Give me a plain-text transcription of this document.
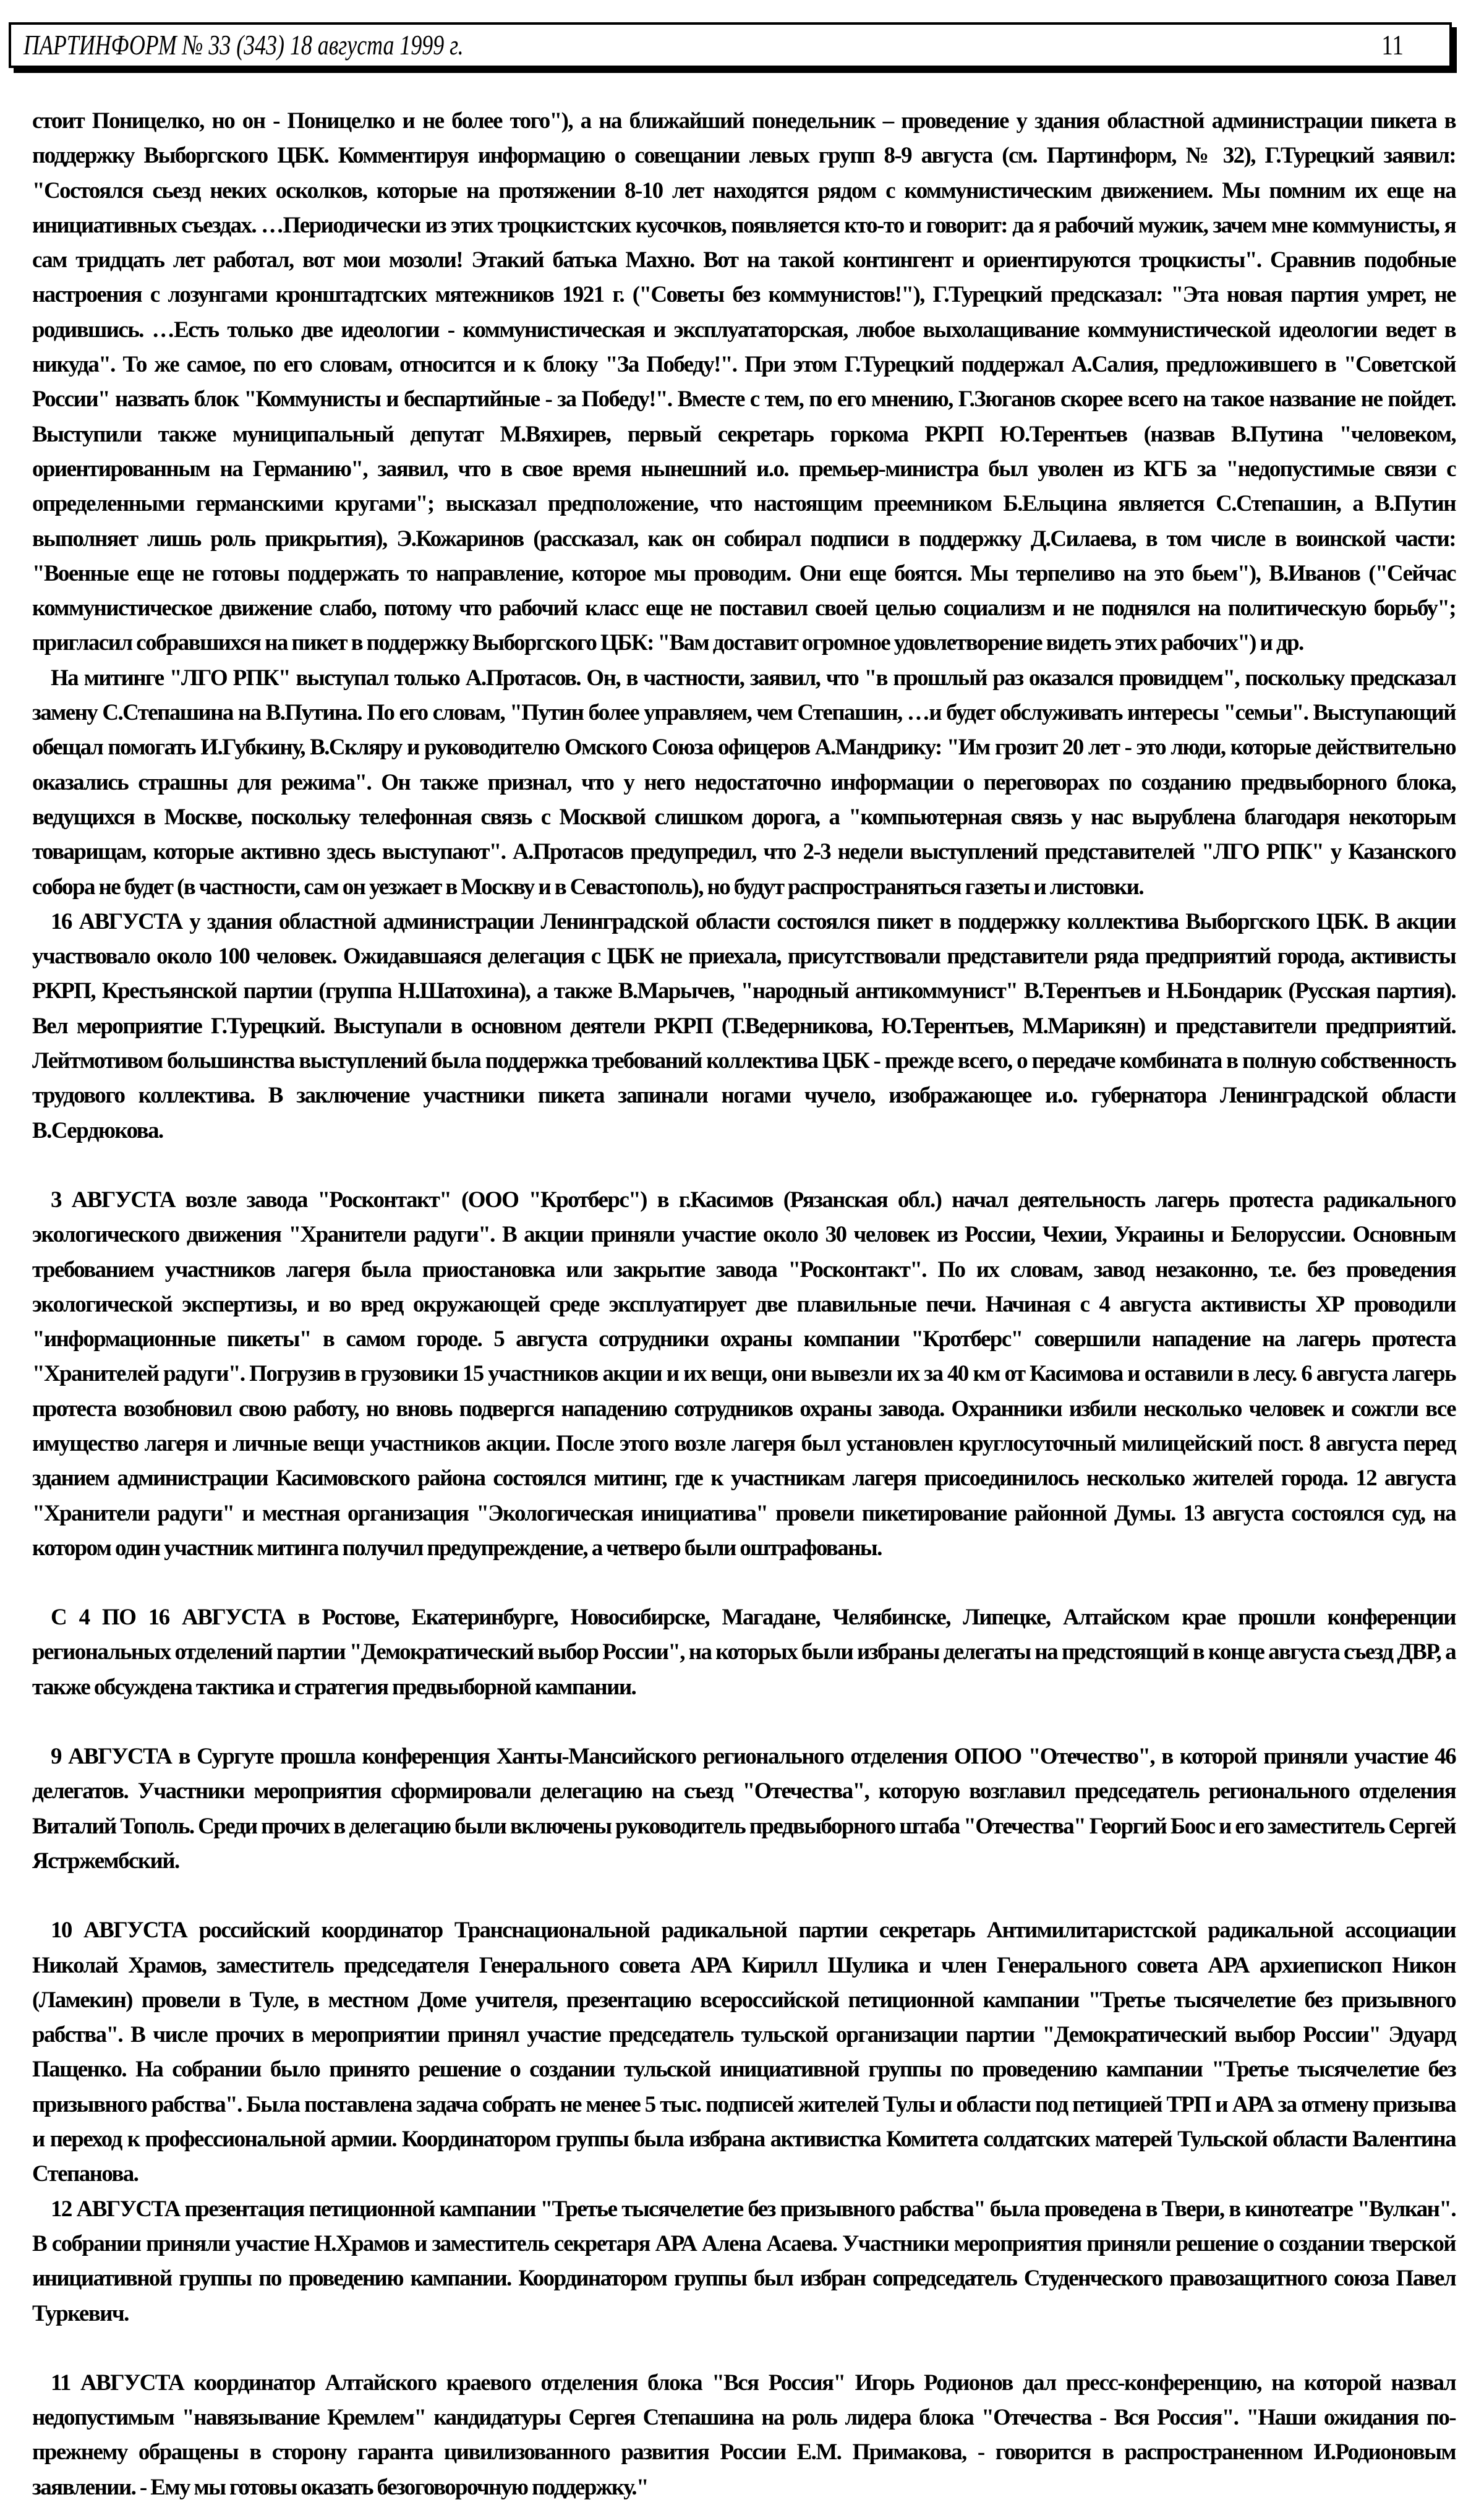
ПАРТИНФОРМ № 33 (343) 18 августа 1999 г.	11

стоит Поницелко, но он - Поницелко и не более того"), а на ближайший понедельник – проведение у здания областной администрации пикета в поддержку Выборгского ЦБК. Комментируя информацию о совещании левых групп 8-9 августа (см. Партинформ, № 32), Г.Турецкий заявил: "Состоялся сьезд неких осколков, которые на протяжении 8-10 лет находятся рядом с коммунистическим движением. Мы помним их еще на инициативных съездах. …Периодически из этих троцкистских кусочков, появляется кто-то и говорит: да я рабочий мужик, зачем мне коммунисты, я сам тридцать лет работал, вот мои мозоли! Этакий батька Махно. Вот на такой контингент и ориентируются троцкисты". Сравнив подобные настроения с лозунгами кронштадтских мятежников 1921 г. ("Советы без коммунистов!"), Г.Турецкий предсказал: "Эта новая партия умрет, не родившись. …Есть только две идеологии - коммунистическая и эксплуататорская, любое выхолащивание коммунистической идеологии ведет в никуда". То же самое, по его словам, относится и к блоку "За Победу!". При этом Г.Турецкий поддержал А.Салия, предложившего в "Советской России" назвать блок "Коммунисты и беспартийные - за Победу!". Вместе с тем, по его мнению, Г.Зюганов скорее всего на такое название не пойдет. Выступили также муниципальный депутат М.Вяхирев, первый секретарь горкома РКРП Ю.Терентьев (назвав В.Путина "человеком, ориентированным на Германию", заявил, что в свое время нынешний и.о. премьер-министра был уволен из КГБ за "недопустимые связи с определенными германскими кругами"; высказал предположение, что настоящим преемником Б.Ельцина является С.Степашин, а В.Путин выполняет лишь роль прикрытия), Э.Кожаринов (рассказал, как он собирал подписи в поддержку Д.Силаева, в том числе в воинской части: "Военные еще не готовы поддержать то направление, которое мы проводим. Они еще боятся. Мы терпеливо на это бьем"), В.Иванов ("Сейчас коммунистическое движение слабо, потому что рабочий класс еще не поставил своей целью социализм и не поднялся на политическую борьбу"; пригласил собравшихся на пикет в поддержку Выборгского ЦБК: "Вам доставит огромное удовлетворение видеть этих рабочих") и др.

На митинге "ЛГО РПК" выступал только А.Протасов. Он, в частности, заявил, что "в прошлый раз оказался провидцем", поскольку предсказал замену С.Степашина на В.Путина. По его словам, "Путин более управляем, чем Степашин, …и будет обслуживать интересы "семьи". Выступающий обещал помогать И.Губкину, В.Скляру и руководителю Омского Союза офицеров А.Мандрику: "Им грозит 20 лет - это люди, которые действительно оказались страшны для режима". Он также признал, что у него недостаточно информации о переговорах по созданию предвыборного блока, ведущихся в Москве, поскольку телефонная связь с Москвой слишком дорога, а "компьютерная связь у нас вырублена благодаря некоторым товарищам, которые активно здесь выступают". А.Протасов предупредил, что 2-3 недели выступлений представителей "ЛГО РПК" у Казанского собора не будет (в частности, сам он уезжает в Москву и в Севастополь), но будут распространяться газеты и листовки.

16 АВГУСТА у здания областной администрации Ленинградской области состоялся пикет в поддержку коллектива Выборгского ЦБК. В акции участвовало около 100 человек. Ожидавшаяся делегация с ЦБК не приехала, присутствовали представители ряда предприятий города, активисты РКРП, Крестьянской партии (группа Н.Шатохина), а также В.Марычев, "народный антикоммунист" В.Терентьев и Н.Бондарик (Русская партия). Вел мероприятие Г.Турецкий. Выступали в основном деятели РКРП (Т.Ведерникова, Ю.Терентьев, М.Марикян) и представители предприятий. Лейтмотивом большинства выступлений была поддержка требований коллектива ЦБК - прежде всего, о передаче комбината в полную собственность трудового коллектива. В заключение участники пикета запинали ногами чучело, изображающее и.о. губернатора Ленинградской области В.Сердюкова.

3 АВГУСТА возле завода "Росконтакт" (ООО "Кротберс") в г.Касимов (Рязанская обл.) начал деятельность лагерь протеста радикального экологического движения "Хранители радуги". В акции приняли участие около 30 человек из России, Чехии, Украины и Белоруссии. Основным требованием участников лагеря была приостановка или закрытие завода "Росконтакт". По их словам, завод незаконно, т.е. без проведения экологической экспертизы, и во вред окружающей среде эксплуатирует две плавильные печи. Начиная с 4 августа активисты ХР проводили "информационные пикеты" в самом городе. 5 августа сотрудники охраны компании "Кротберс" совершили нападение на лагерь протеста "Хранителей радуги". Погрузив в грузовики 15 участников акции и их вещи, они вывезли их за 40 км от Касимова и оставили в лесу. 6 августа лагерь протеста возобновил свою работу, но вновь подвергся нападению сотрудников охраны завода. Охранники избили несколько человек и сожгли все имущество лагеря и личные вещи участников акции. После этого возле лагеря был установлен круглосуточный милицейский пост. 8 августа перед зданием администрации Касимовского района состоялся митинг, где к участникам лагеря присоединилось несколько жителей города. 12 августа "Хранители радуги" и местная организация "Экологическая инициатива" провели пикетирование районной Думы. 13 августа состоялся суд, на котором один участник митинга получил предупреждение, а четверо были оштрафованы.

С 4 ПО 16 АВГУСТА в Ростове, Екатеринбурге, Новосибирске, Магадане, Челябинске, Липецке, Алтайском крае прошли конференции региональных отделений партии "Демократический выбор России", на которых были избраны делегаты на предстоящий в конце августа съезд ДВР, а также обсуждена тактика и стратегия предвыборной кампании.

9 АВГУСТА в Сургуте прошла конференция Ханты-Мансийского регионального отделения ОПОО "Отечество", в которой приняли участие 46 делегатов. Участники мероприятия сформировали делегацию на съезд "Отечества", которую возглавил председатель регионального отделения Виталий Тополь. Среди прочих в делегацию были включены руководитель предвыборного штаба "Отечества" Георгий Боос и его заместитель Сергей Ястржембский.

10 АВГУСТА российский координатор Транснациональной радикальной партии секретарь Антимилитаристской радикальной ассоциации Николай Храмов, заместитель председателя Генерального совета АРА Кирилл Шулика и член Генерального совета АРА архиепископ Никон (Ламекин) провели в Туле, в местном Доме учителя, презентацию всероссийской петиционной кампании "Третье тысячелетие без призывного рабства". В числе прочих в мероприятии принял участие председатель тульской организации партии "Демократический выбор России" Эдуард Пащенко. На собрании было принято решение о создании тульской инициативной группы по проведению кампании "Третье тысячелетие без призывного рабства". Была поставлена задача собрать не менее 5 тыс. подписей жителей Тулы и области под петицией ТРП и АРА за отмену призыва и переход к профессиональной армии. Координатором группы была избрана активистка Комитета солдатских матерей Тульской области Валентина Степанова.

12 АВГУСТА презентация петиционной кампании "Третье тысячелетие без призывного рабства" была проведена в Твери, в кинотеатре "Вулкан". В собрании приняли участие Н.Храмов и заместитель секретаря АРА Алена Асаева. Участники мероприятия приняли решение о создании тверской инициативной группы по проведению кампании. Координатором группы был избран сопредседатель Студенческого правозащитного союза Павел Туркевич.

11 АВГУСТА координатор Алтайского краевого отделения блока "Вся Россия" Игорь Родионов дал пресс-конференцию, на которой назвал недопустимым "навязывание Кремлем" кандидатуры Сергея Степашина на роль лидера блока "Отечества - Вся Россия". "Наши ожидания по-прежнему обращены в сторону гаранта цивилизованного развития России Е.М. Примакова, - говорится в распространенном И.Родионовым заявлении. - Ему мы готовы оказать безоговорочную поддержку."
